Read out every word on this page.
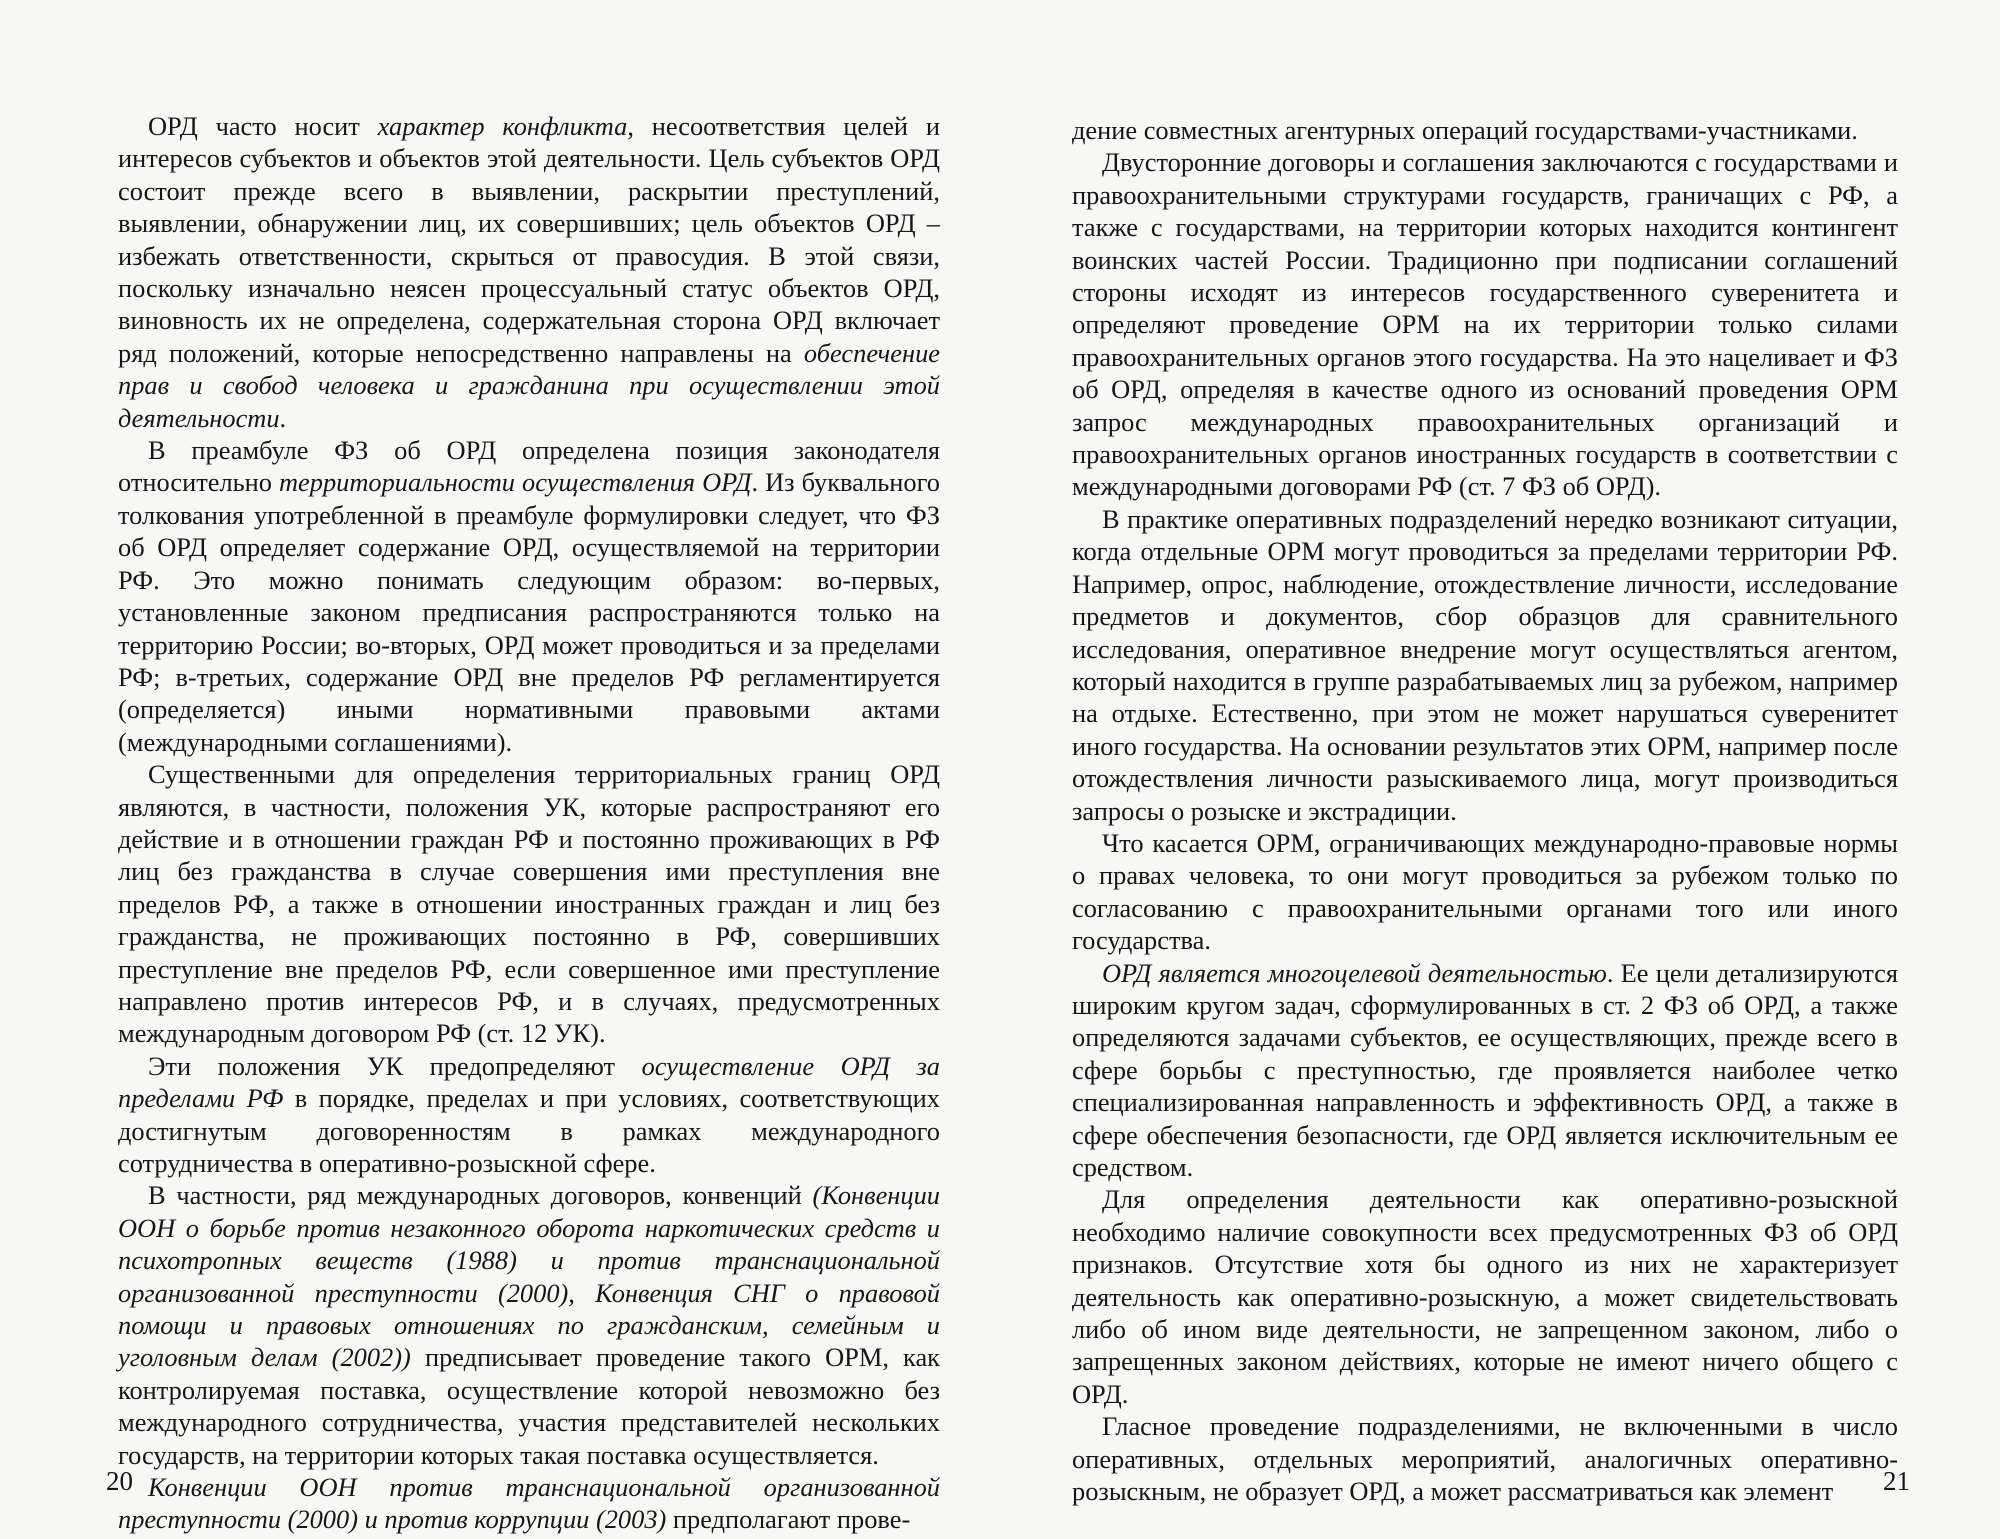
ОРД часто носит характер конфликта, несоответствия целей и интересов субъектов и объектов этой деятельности. Цель субъектов ОРД состоит прежде всего в выявлении, раскрытии преступлений, выявлении, обнаружении лиц, их совершивших; цель объектов ОРД – избежать ответственности, скрыться от правосудия. В этой связи, поскольку изначально неясен процессуальный статус объектов ОРД, виновность их не определена, содержательная сторона ОРД включает ряд положений, которые непосредственно направлены на обеспечение прав и свобод человека и гражданина при осуществлении этой деятельности.

В преамбуле ФЗ об ОРД определена позиция законодателя относительно территориальности осуществления ОРД. Из буквального толкования употребленной в преамбуле формулировки следует, что ФЗ об ОРД определяет содержание ОРД, осуществляемой на территории РФ. Это можно понимать следующим образом: во-первых, установленные законом предписания распространяются только на территорию России; во-вторых, ОРД может проводиться и за пределами РФ; в-третьих, содержание ОРД вне пределов РФ регламентируется (определяется) иными нормативными правовыми актами (международными соглашениями).

Существенными для определения территориальных границ ОРД являются, в частности, положения УК, которые распространяют его действие и в отношении граждан РФ и постоянно проживающих в РФ лиц без гражданства в случае совершения ими преступления вне пределов РФ, а также в отношении иностранных граждан и лиц без гражданства, не проживающих постоянно в РФ, совершивших преступление вне пределов РФ, если совершенное ими преступление направлено против интересов РФ, и в случаях, предусмотренных международным договором РФ (ст. 12 УК).

Эти положения УК предопределяют осуществление ОРД за пределами РФ в порядке, пределах и при условиях, соответствующих достигнутым договоренностям в рамках международного сотрудничества в оперативно-розыскной сфере.

В частности, ряд международных договоров, конвенций (Конвенции ООН о борьбе против незаконного оборота наркотических средств и психотропных веществ (1988) и против транснациональной организованной преступности (2000), Конвенция СНГ о правовой помощи и правовых отношениях по гражданским, семейным и уголовным делам (2002)) предписывает проведение такого ОРМ, как контролируемая поставка, осуществление которой невозможно без международного сотрудничества, участия представителей нескольких государств, на территории которых такая поставка осуществляется.

Конвенции ООН против транснациональной организованной преступности (2000) и против коррупции (2003) предполагают прове-

20

дение совместных агентурных операций государствами-участниками.

Двусторонние договоры и соглашения заключаются с государствами и правоохранительными структурами государств, граничащих с РФ, а также с государствами, на территории которых находится контингент воинских частей России. Традиционно при подписании соглашений стороны исходят из интересов государственного суверенитета и определяют проведение ОРМ на их территории только силами правоохранительных органов этого государства. На это нацеливает и ФЗ об ОРД, определяя в качестве одного из оснований проведения ОРМ запрос международных правоохранительных организаций и правоохранительных органов иностранных государств в соответствии с международными договорами РФ (ст. 7 ФЗ об ОРД).

В практике оперативных подразделений нередко возникают ситуации, когда отдельные ОРМ могут проводиться за пределами территории РФ. Например, опрос, наблюдение, отождествление личности, исследование предметов и документов, сбор образцов для сравнительного исследования, оперативное внедрение могут осуществляться агентом, который находится в группе разрабатываемых лиц за рубежом, например на отдыхе. Естественно, при этом не может нарушаться суверенитет иного государства. На основании результатов этих ОРМ, например после отождествления личности разыскиваемого лица, могут производиться запросы о розыске и экстрадиции.

Что касается ОРМ, ограничивающих международно-правовые нормы о правах человека, то они могут проводиться за рубежом только по согласованию с правоохранительными органами того или иного государства.

ОРД является многоцелевой деятельностью. Ее цели детализируются широким кругом задач, сформулированных в ст. 2 ФЗ об ОРД, а также определяются задачами субъектов, ее осуществляющих, прежде всего в сфере борьбы с преступностью, где проявляется наиболее четко специализированная направленность и эффективность ОРД, а также в сфере обеспечения безопасности, где ОРД является исключительным ее средством.

Для определения деятельности как оперативно-розыскной необходимо наличие совокупности всех предусмотренных ФЗ об ОРД признаков. Отсутствие хотя бы одного из них не характеризует деятельность как оперативно-розыскную, а может свидетельствовать либо об ином виде деятельности, не запрещенном законом, либо о запрещенных законом действиях, которые не имеют ничего общего с ОРД.

Гласное проведение подразделениями, не включенными в число оперативных, отдельных мероприятий, аналогичных оперативно-розыскным, не образует ОРД, а может рассматриваться как элемент	21
